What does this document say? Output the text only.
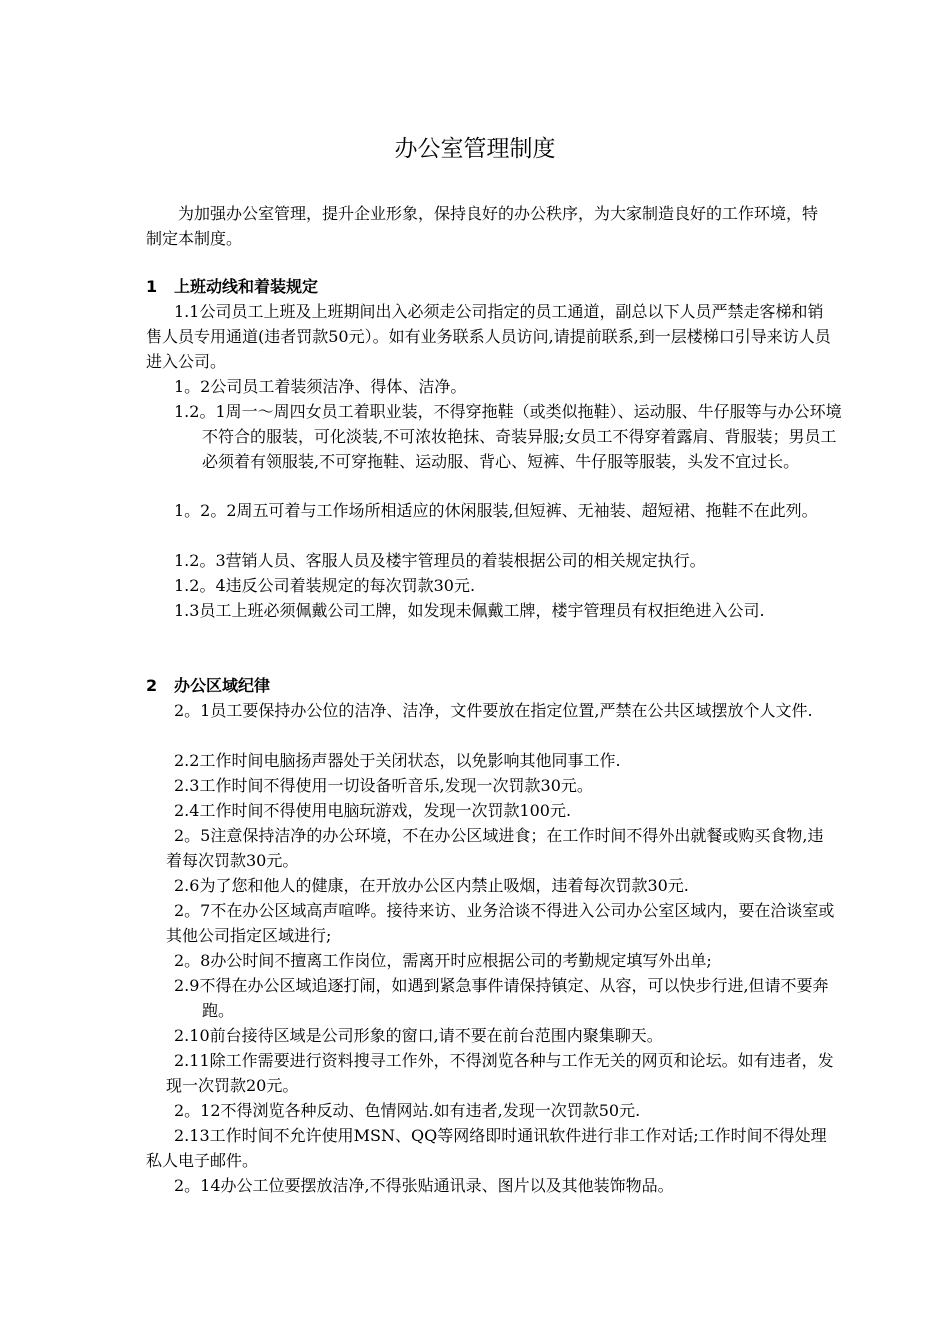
办公室管理制度

为加强办公室管理，提升企业形象，保持良好的办公秩序，为大家制造良好的工作环境，特制定本制度。

1 上班动线和着装规定

1.1公司员工上班及上班期间出入必须走公司指定的员工通道，副总以下人员严禁走客梯和销售人员专用通道(违者罚款50元）。如有业务联系人员访问,请提前联系,到一层楼梯口引导来访人员进入公司。

1。2公司员工着装须洁净、得体、洁净。

1.2。1周一～周四女员工着职业装，不得穿拖鞋（或类似拖鞋）、运动服、牛仔服等与办公环境不符合的服装，可化淡装,不可浓妆艳抹、奇装异服;女员工不得穿着露肩、背服装；男员工必须着有领服装,不可穿拖鞋、运动服、背心、短裤、牛仔服等服装，头发不宜过长。

1。2。2周五可着与工作场所相适应的休闲服装,但短裤、无袖装、超短裙、拖鞋不在此列。

1.2。3营销人员、客服人员及楼宇管理员的着装根据公司的相关规定执行。

1.2。4违反公司着装规定的每次罚款30元.

1.3员工上班必须佩戴公司工牌，如发现未佩戴工牌，楼宇管理员有权拒绝进入公司.

2 办公区域纪律

2。1员工要保持办公位的洁净、洁净，文件要放在指定位置,严禁在公共区域摆放个人文件.

2.2工作时间电脑扬声器处于关闭状态，以免影响其他同事工作.

2.3工作时间不得使用一切设备听音乐,发现一次罚款30元。

2.4工作时间不得使用电脑玩游戏，发现一次罚款100元.

2。5注意保持洁净的办公环境，不在办公区域进食；在工作时间不得外出就餐或购买食物,违着每次罚款30元。

2.6为了您和他人的健康，在开放办公区内禁止吸烟，违着每次罚款30元.

2。7不在办公区域高声喧哗。接待来访、业务洽谈不得进入公司办公室区域内，要在洽谈室或其他公司指定区域进行;

2。8办公时间不擅离工作岗位，需离开时应根据公司的考勤规定填写外出单;

2.9不得在办公区域追逐打闹，如遇到紧急事件请保持镇定、从容，可以快步行进,但请不要奔跑。

2.10前台接待区域是公司形象的窗口,请不要在前台范围内聚集聊天。

2.11除工作需要进行资料搜寻工作外，不得浏览各种与工作无关的网页和论坛。如有违者，发现一次罚款20元。

2。12不得浏览各种反动、色情网站.如有违者,发现一次罚款50元.

2.13工作时间不允许使用MSN、QQ等网络即时通讯软件进行非工作对话;工作时间不得处理私人电子邮件。

2。14办公工位要摆放洁净,不得张贴通讯录、图片以及其他装饰物品。
